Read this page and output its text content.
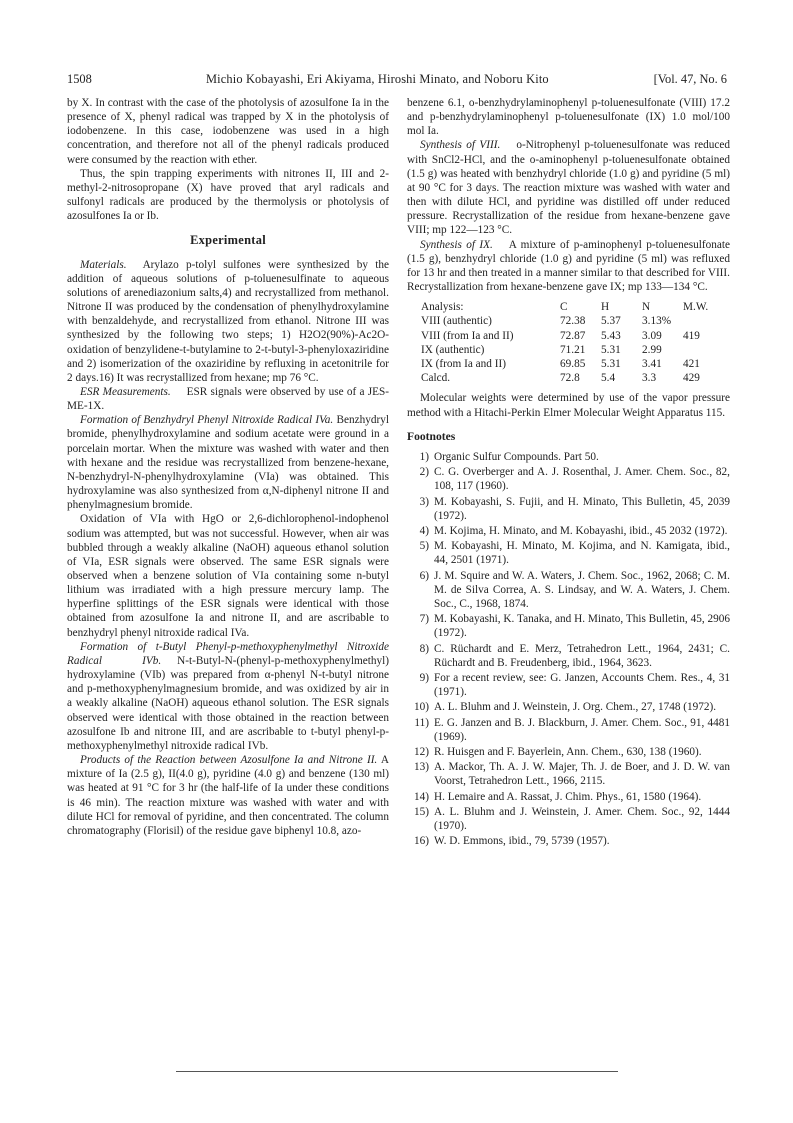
1508	Michio Kobayashi, Eri Akiyama, Hiroshi Minato, and Noboru Kito	[Vol. 47, No. 6

by X. In contrast with the case of the photolysis of azosulfone Ia in the presence of X, phenyl radical was trapped by X in the photolysis of iodobenzene. In this case, iodobenzene was used in a high concentration, and therefore not all of the phenyl radicals produced were consumed by the reaction with ether.

Thus, the spin trapping experiments with nitrones II, III and 2-methyl-2-nitrosopropane (X) have proved that aryl radicals and sulfonyl radicals are produced by the thermolysis or photolysis of azosulfones Ia or Ib.

Experimental

Materials. Arylazo p-tolyl sulfones were synthesized by the addition of aqueous solutions of p-toluenesulfinate to aqueous solutions of arenediazonium salts,4) and recrystallized from methanol. Nitrone II was produced by the condensation of phenylhydroxylamine with benzaldehyde, and recrystallized from ethanol. Nitrone III was synthesized by the following two steps; 1) H2O2(90%)-Ac2O-oxidation of benzylidene-t-butylamine to 2-t-butyl-3-phenyloxaziridine and 2) isomerization of the oxaziridine by refluxing in acetonitrile for 2 days.16) It was recrystallized from hexane; mp 76 °C.

ESR Measurements. ESR signals were observed by use of a JES-ME-1X.

Formation of Benzhydryl Phenyl Nitroxide Radical IVa. Benzhydryl bromide, phenylhydroxylamine and sodium acetate were ground in a porcelain mortar. When the mixture was washed with water and then with hexane and the residue was recrystallized from benzene-hexane, N-benzhydryl-N-phenylhydroxylamine (VIa) was obtained. This hydroxylamine was also synthesized from α,N-diphenyl nitrone II and phenylmagnesium bromide.

Oxidation of VIa with HgO or 2,6-dichlorophenol-indophenol sodium was attempted, but was not successful. However, when air was bubbled through a weakly alkaline (NaOH) aqueous ethanol solution of VIa, ESR signals were observed. The same ESR signals were observed when a benzene solution of VIa containing some n-butyl lithium was irradiated with a high pressure mercury lamp. The hyperfine splittings of the ESR signals were identical with those obtained from azosulfone Ia and nitrone II, and are ascribable to benzhydryl phenyl nitroxide radical IVa.

Formation of t-Butyl Phenyl-p-methoxyphenylmethyl Nitroxide Radical IVb. N-t-Butyl-N-(phenyl-p-methoxyphenylmethyl) hydroxylamine (VIb) was prepared from α-phenyl N-t-butyl nitrone and p-methoxyphenylmagnesium bromide, and was oxidized by air in a weakly alkaline (NaOH) aqueous ethanol solution. The ESR signals observed were identical with those obtained in the reaction between azosulfone Ib and nitrone III, and are ascribable to t-butyl phenyl-p-methoxyphenylmethyl nitroxide radical IVb.

Products of the Reaction between Azosulfone Ia and Nitrone II. A mixture of Ia (2.5 g), II(4.0 g), pyridine (4.0 g) and benzene (130 ml) was heated at 91 °C for 3 hr (the half-life of Ia under these conditions is 46 min). The reaction mixture was washed with water and with dilute HCl for removal of pyridine, and then concentrated. The column chromatography (Florisil) of the residue gave biphenyl 10.8, azo-

benzene 6.1, o-benzhydrylaminophenyl p-toluenesulfonate (VIII) 17.2 and p-benzhydrylaminophenyl p-toluenesulfonate (IX) 1.0 mol/100 mol Ia.

Synthesis of VIII. o-Nitrophenyl p-toluenesulfonate was reduced with SnCl2-HCl, and the o-aminophenyl p-toluenesulfonate obtained (1.5 g) was heated with benzhydryl chloride (1.0 g) and pyridine (5 ml) at 90 °C for 3 days. The reaction mixture was washed with water and then with dilute HCl, and pyridine was distilled off under reduced pressure. Recrystallization of the residue from hexane-benzene gave VIII; mp 122—123 °C.

Synthesis of IX. A mixture of p-aminophenyl p-toluenesulfonate (1.5 g), benzhydryl chloride (1.0 g) and pyridine (5 ml) was refluxed for 13 hr and then treated in a manner similar to that described for VIII. Recrystallization from hexane-benzene gave IX; mp 133—134 °C.

Analysis:	C	H	N	M.W.
VIII (authentic)	72.38	5.37	3.13%	
VIII (from Ia and II)	72.87	5.43	3.09	419
IX (authentic)	71.21	5.31	2.99	
IX (from Ia and II)	69.85	5.31	3.41	421
Calcd.	72.8	5.4	3.3	429

Molecular weights were determined by use of the vapor pressure method with a Hitachi-Perkin Elmer Molecular Weight Apparatus 115.

Footnotes
1) Organic Sulfur Compounds. Part 50.
2) C. G. Overberger and A. J. Rosenthal, J. Amer. Chem. Soc., 82, 108, 117 (1960).
3) M. Kobayashi, S. Fujii, and H. Minato, This Bulletin, 45, 2039 (1972).
4) M. Kojima, H. Minato, and M. Kobayashi, ibid., 45 2032 (1972).
5) M. Kobayashi, H. Minato, M. Kojima, and N. Kamigata, ibid., 44, 2501 (1971).
6) J. M. Squire and W. A. Waters, J. Chem. Soc., 1962, 2068; C. M. M. de Silva Correa, A. S. Lindsay, and W. A. Waters, J. Chem. Soc., C., 1968, 1874.
7) M. Kobayashi, K. Tanaka, and H. Minato, This Bulletin, 45, 2906 (1972).
8) C. Rüchardt and E. Merz, Tetrahedron Lett., 1964, 2431; C. Rüchardt and B. Freudenberg, ibid., 1964, 3623.
9) For a recent review, see: G. Janzen, Accounts Chem. Res., 4, 31 (1971).
10) A. L. Bluhm and J. Weinstein, J. Org. Chem., 27, 1748 (1972).
11) E. G. Janzen and B. J. Blackburn, J. Amer. Chem. Soc., 91, 4481 (1969).
12) R. Huisgen and F. Bayerlein, Ann. Chem., 630, 138 (1960).
13) A. Mackor, Th. A. J. W. Majer, Th. J. de Boer, and J. D. W. van Voorst, Tetrahedron Lett., 1966, 2115.
14) H. Lemaire and A. Rassat, J. Chim. Phys., 61, 1580 (1964).
15) A. L. Bluhm and J. Weinstein, J. Amer. Chem. Soc., 92, 1444 (1970).
16) W. D. Emmons, ibid., 79, 5739 (1957).
